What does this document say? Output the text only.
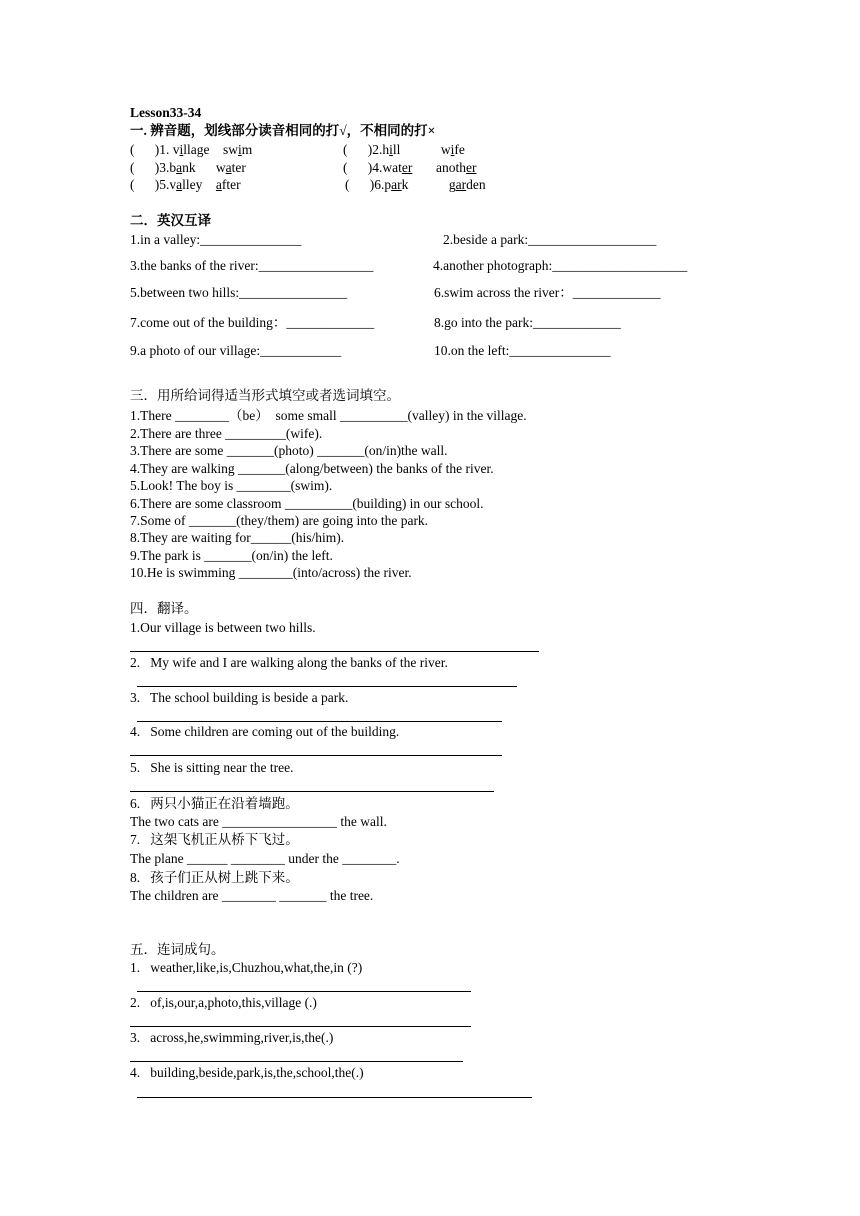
Lesson33-34
一. 辨音题，划线部分读音相同的打√，不相同的打×
(      )1. village    swim	(      )2.hill            wife
(      )3.bank      water	(      )4.water       another
(      )5.valley    after	(      )6.park            garden
二．英汉互译
1.in a valley:_______________	2.beside a park:___________________
3.the banks of the river:_________________	4.another photograph:____________________
5.between two hills:________________	6.swim across the river：_____________
7.come out of the building：_____________	8.go into the park:_____________
9.a photo of our village:____________	10.on the left:_______________
三．用所给词得适当形式填空或者选词填空。
1.There ________（be）  some small __________(valley) in the village.
2.There are three _________(wife).
3.There are some _______(photo) _______(on/in)the wall.
4.They are walking _______(along/between) the banks of the river.
5.Look! The boy is ________(swim).
6.There are some classroom __________(building) in our school.
7.Some of _______(they/them) are going into the park.
8.They are waiting for______(his/him).
9.The park is _______(on/in) the left.
10.He is swimming ________(into/across) the river.
四．翻译。
1.Our village is between two hills.
2.   My wife and I are walking along the banks of the river.
3.   The school building is beside a park.
4.   Some children are coming out of the building.
5.   She is sitting near the tree.
6.   两只小猫正在沿着墙跑。
The two cats are _________________ the wall.
7.   这架飞机正从桥下飞过。
The plane ______ ________ under the ________.
8.   孩子们正从树上跳下来。
The children are ________ _______ the tree.
五．连词成句。
1.   weather,like,is,Chuzhou,what,the,in (?)
2.   of,is,our,a,photo,this,village (.)
3.   across,he,swimming,river,is,the(.)
4.   building,beside,park,is,the,school,the(.)
